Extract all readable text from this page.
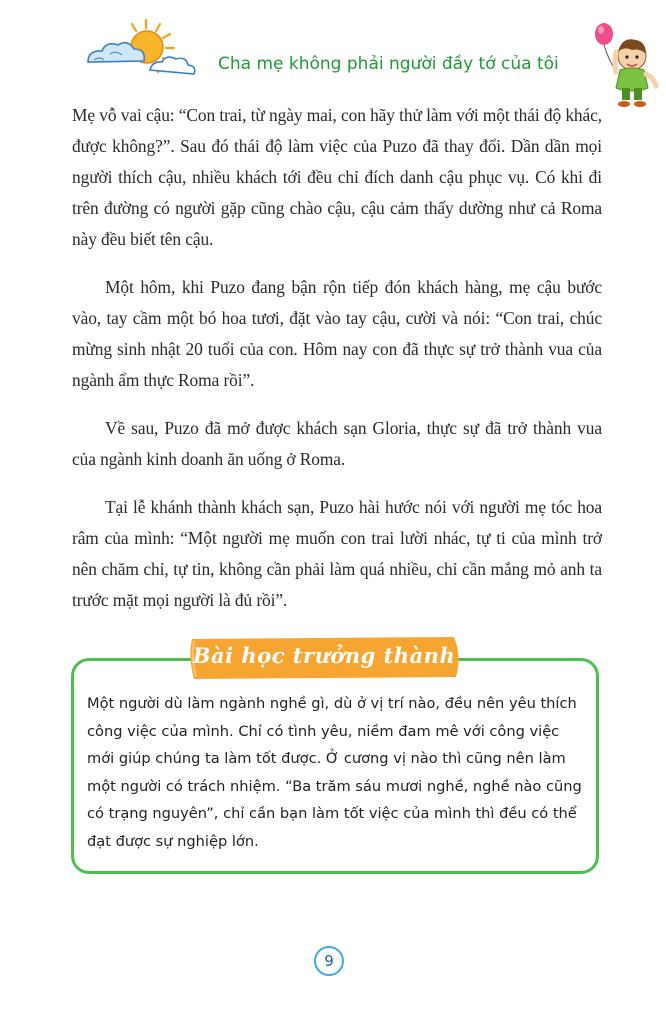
Cha mẹ không phải người đầy tớ của tôi

Mẹ vỗ vai cậu: “Con trai, từ ngày mai, con hãy thử làm với một thái độ khác, được không?”. Sau đó thái độ làm việc của Puzo đã thay đổi. Dần dần mọi người thích cậu, nhiều khách tới đều chỉ đích danh cậu phục vụ. Có khi đi trên đường có người gặp cũng chào cậu, cậu cảm thấy dường như cả Roma này đều biết tên cậu.

Một hôm, khi Puzo đang bận rộn tiếp đón khách hàng, mẹ cậu bước vào, tay cầm một bó hoa tươi, đặt vào tay cậu, cười và nói: “Con trai, chúc mừng sinh nhật 20 tuổi của con. Hôm nay con đã thực sự trở thành vua của ngành ẩm thực Roma rồi”.

Về sau, Puzo đã mở được khách sạn Gloria, thực sự đã trở thành vua của ngành kinh doanh ăn uống ở Roma.

Tại lễ khánh thành khách sạn, Puzo hài hước nói với người mẹ tóc hoa râm của mình: “Một người mẹ muốn con trai lười nhác, tự ti của mình trở nên chăm chỉ, tự tin, không cần phải làm quá nhiều, chỉ cần mắng mỏ anh ta trước mặt mọi người là đủ rồi”.

Bài học trưởng thành

Một người dù làm ngành nghề gì, dù ở vị trí nào, đều nên yêu thích công việc của mình. Chỉ có tình yêu, niềm đam mê với công việc mới giúp chúng ta làm tốt được. Ở cương vị nào thì cũng nên làm một người có trách nhiệm. “Ba trăm sáu mươi nghề, nghề nào cũng có trạng nguyên”, chỉ cần bạn làm tốt việc của mình thì đều có thể đạt được sự nghiệp lớn.

9
